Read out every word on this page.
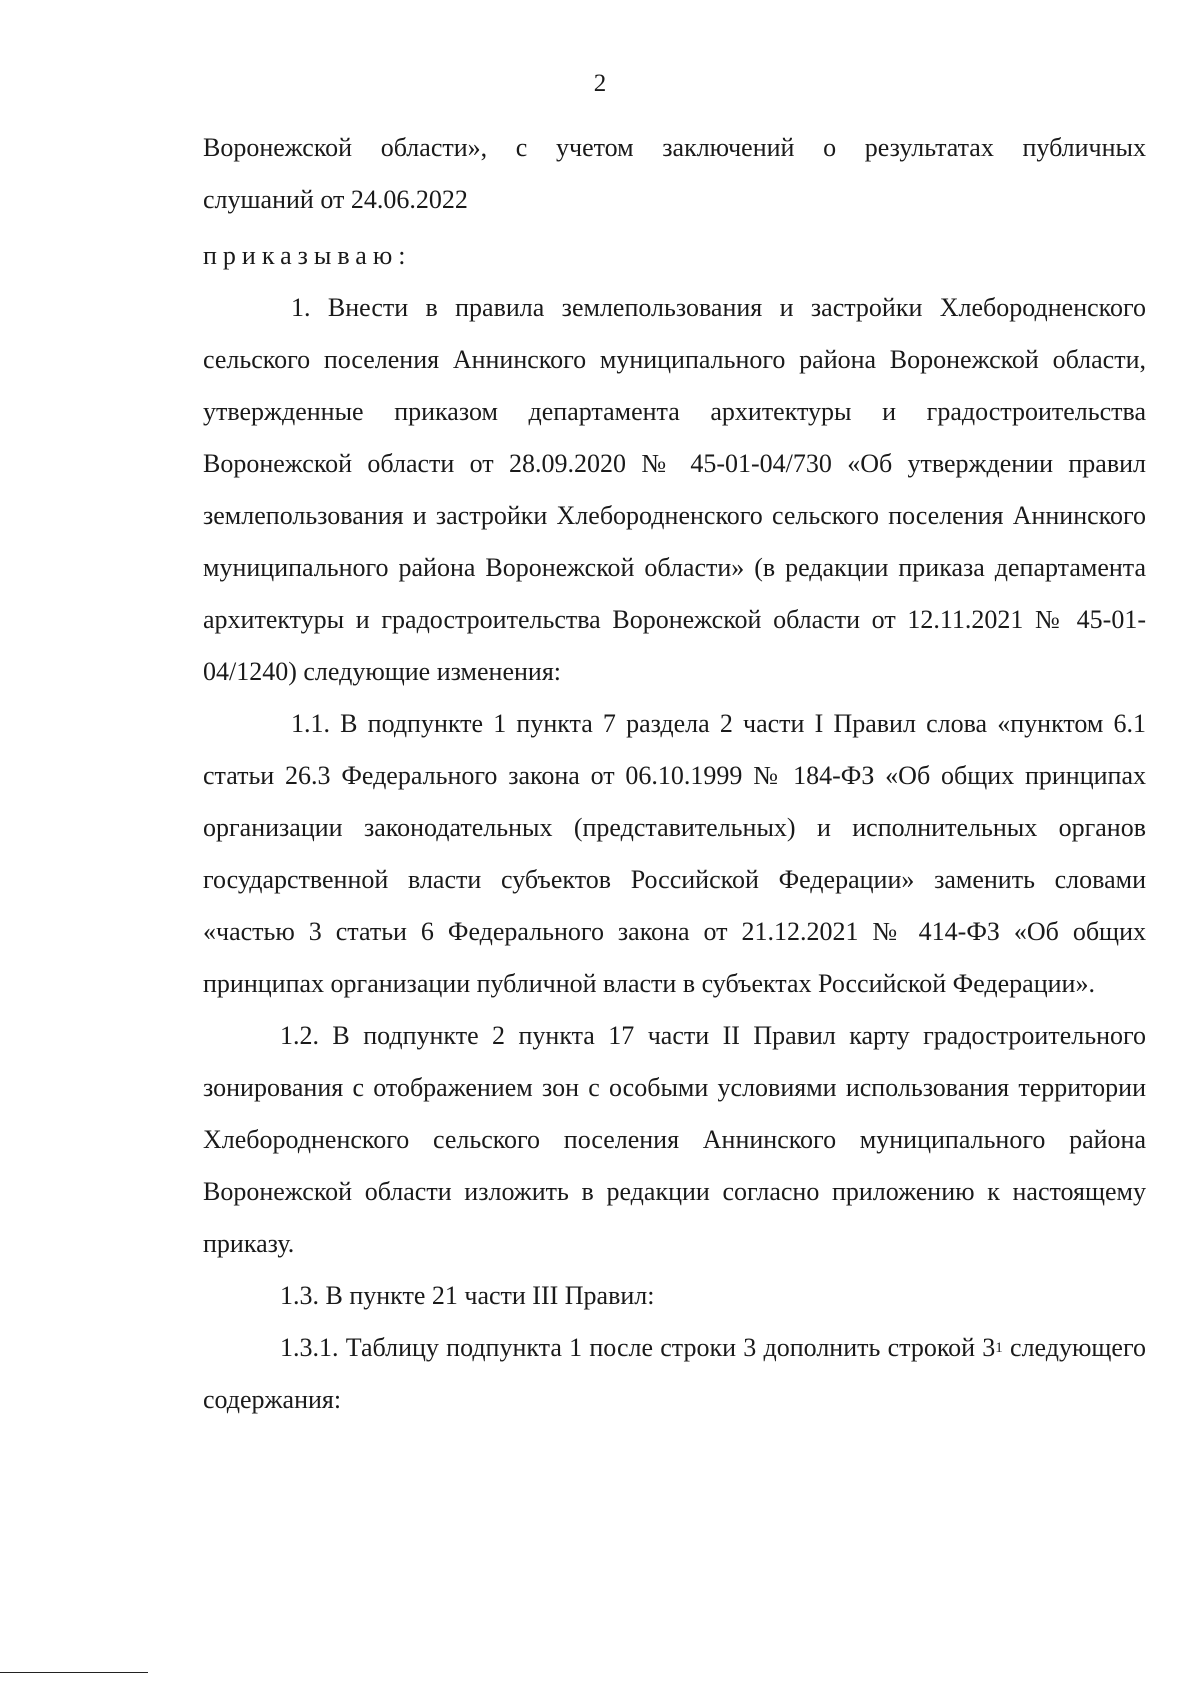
2

Воронежской области», с учетом заключений о результатах публичных
слушаний от 24.06.2022

приказываю:

1. Внести в правила землепользования и застройки Хлебородненского сельского поселения Аннинского муниципального района Воронежской области, утвержденные приказом департамента архитектуры и градостроительства Воронежской области от 28.09.2020 № 45-01-04/730 «Об утверждении правил землепользования и застройки Хлебородненского сельского поселения Аннинского муниципального района Воронежской области» (в редакции приказа департамента архитектуры и градостроительства Воронежской области от 12.11.2021 № 45-01-04/1240) следующие изменения:

1.1. В подпункте 1 пункта 7 раздела 2 части I Правил слова «пунктом 6.1 статьи 26.3 Федерального закона от 06.10.1999 № 184-ФЗ «Об общих принципах организации законодательных (представительных) и исполнительных органов государственной власти субъектов Российской Федерации» заменить словами «частью 3 статьи 6 Федерального закона от 21.12.2021 № 414-ФЗ «Об общих принципах организации публичной власти в субъектах Российской Федерации».

1.2. В подпункте 2 пункта 17 части II Правил карту градостроительного зонирования с отображением зон с особыми условиями использования территории Хлебородненского сельского поселения Аннинского муниципального района Воронежской области изложить в редакции согласно приложению к настоящему приказу.

1.3. В пункте 21 части III Правил:

1.3.1. Таблицу подпункта 1 после строки 3 дополнить строкой $3^1$ следующего содержания:
